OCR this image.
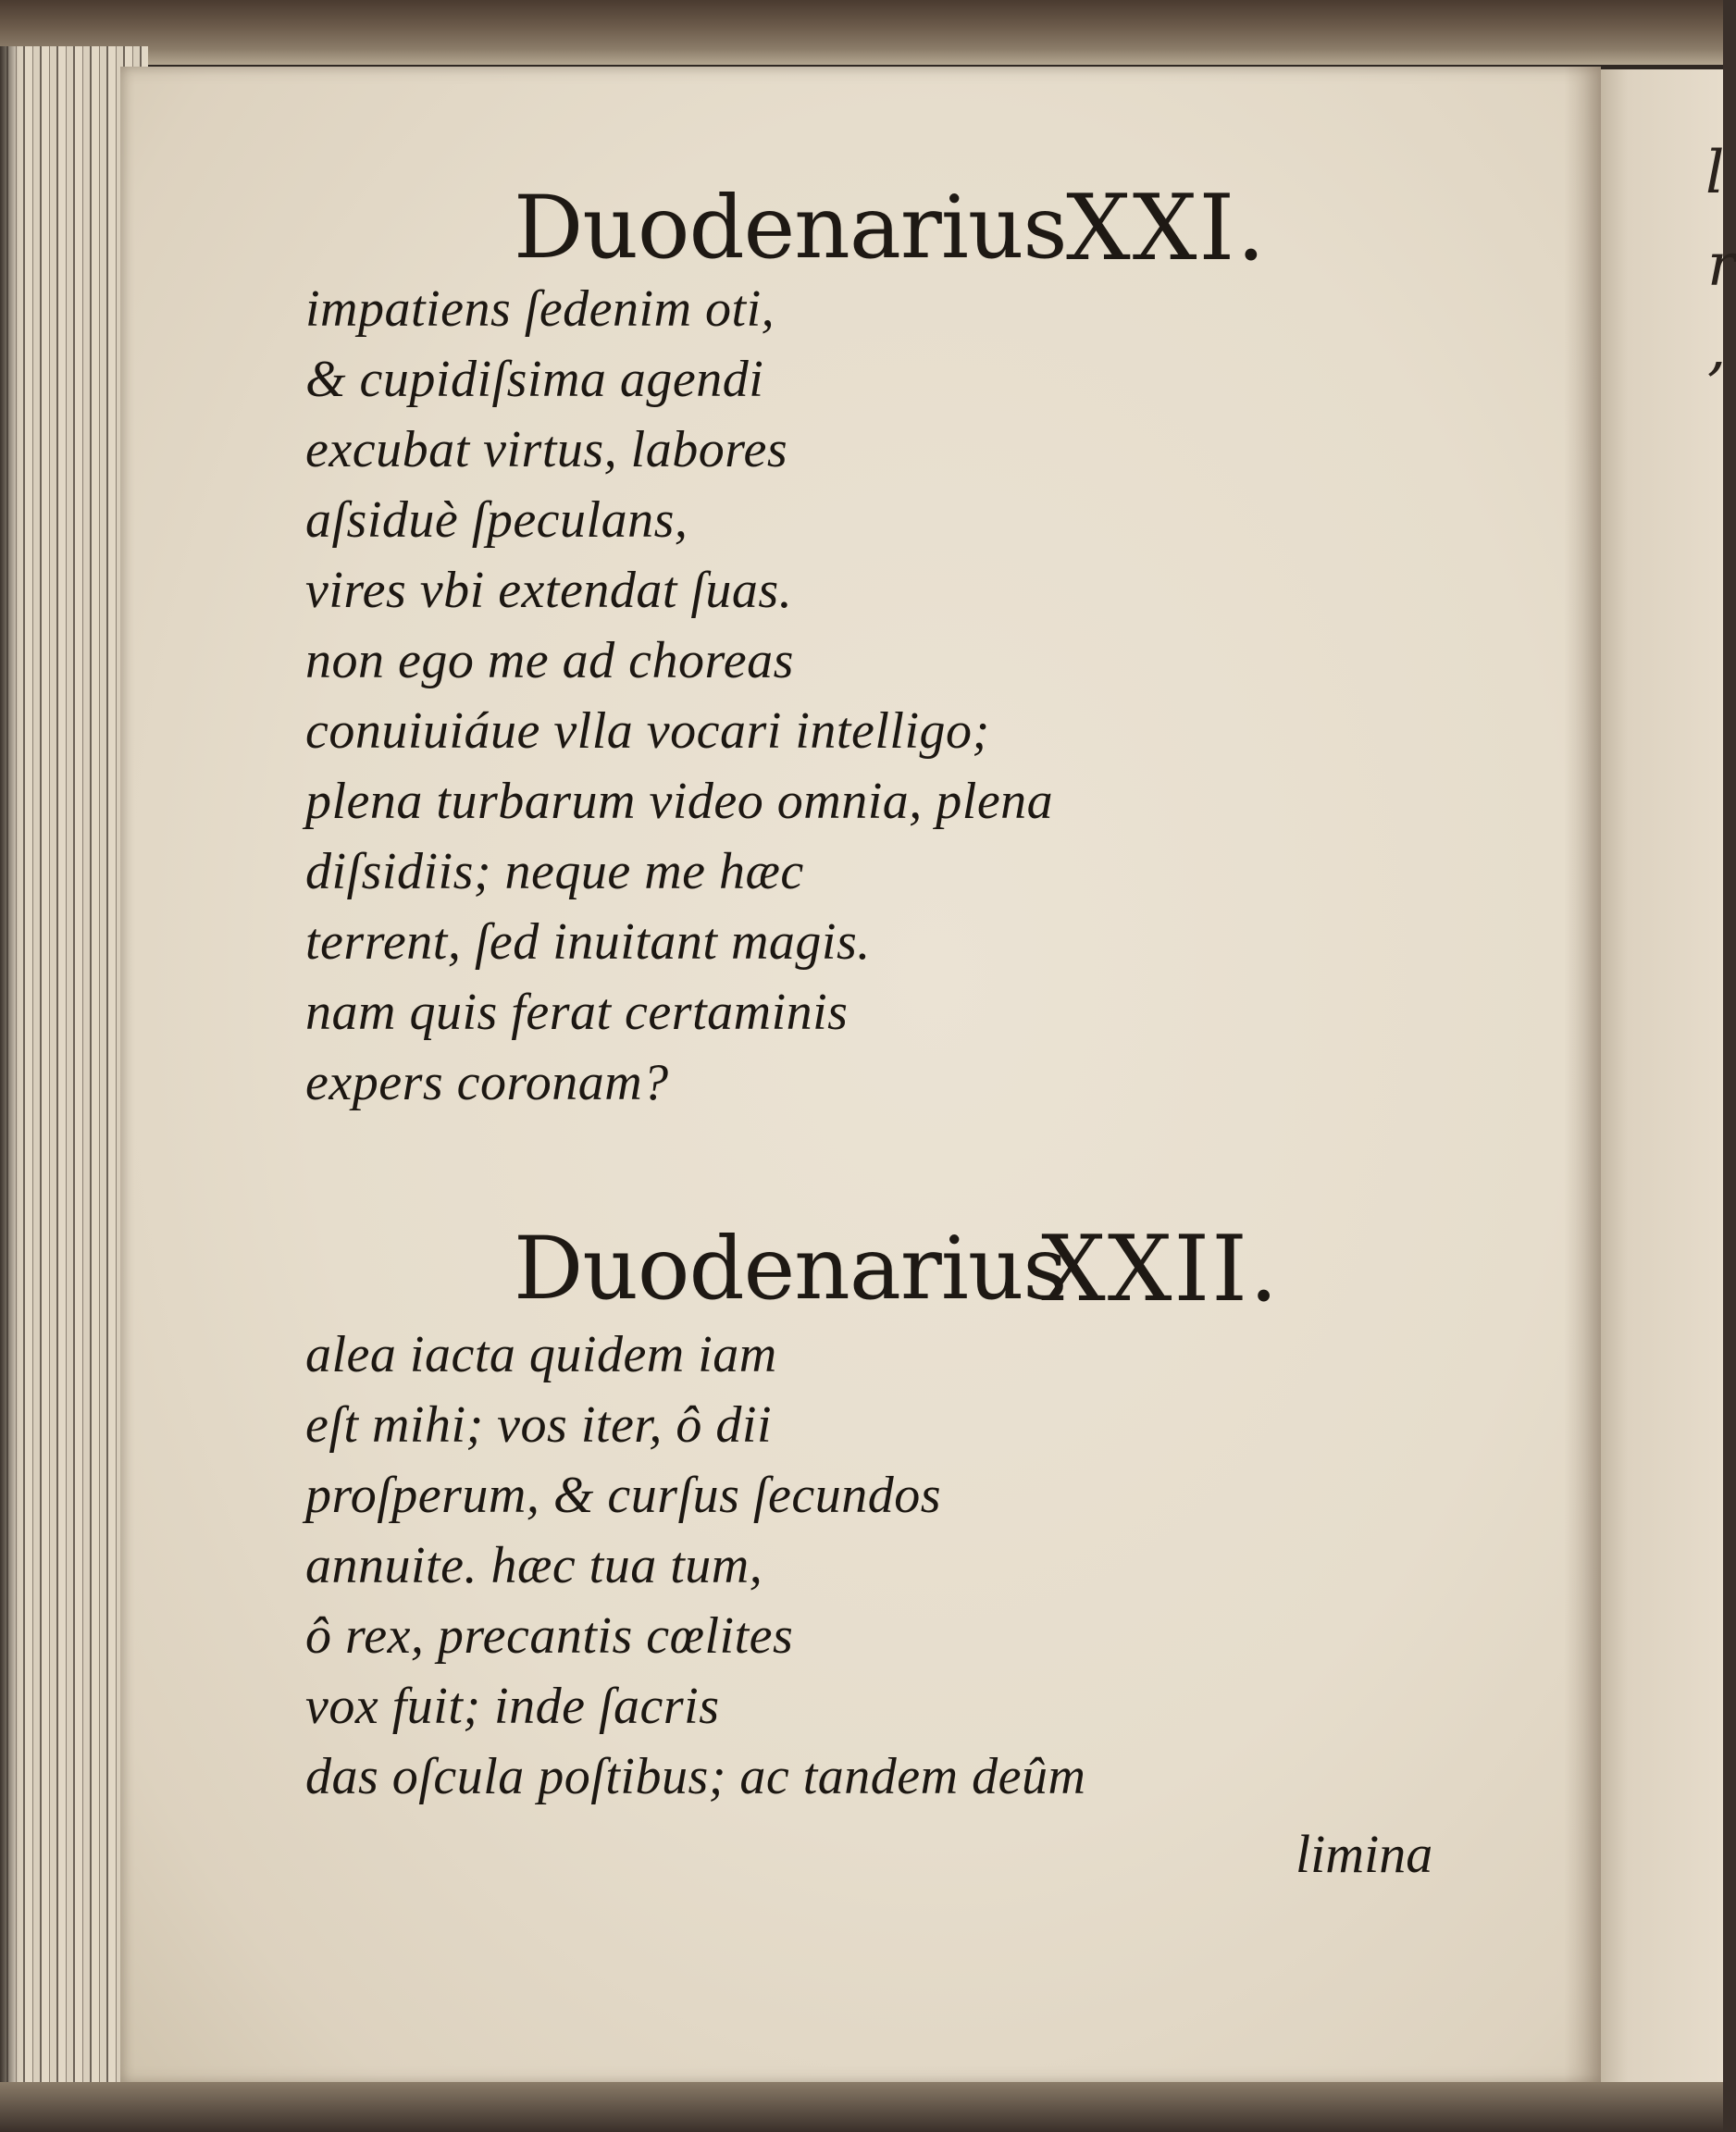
l
r
,
Duodenarius XXI.
impatiens ſedenim oti,
& cupidiſsima agendi
excubat virtus, labores
aſsiduè ſpeculans,
vires vbi extendat ſuas.
non ego me ad choreas
conuiuiáue vlla vocari intelligo;
plena turbarum video omnia, plena
diſsidiis; neque me hæc
terrent, ſed inuitant magis.
nam quis ferat certaminis
expers coronam?
Duodenarius
XXII.
alea iacta quidem iam
eſt mihi; vos iter, ô dii
proſperum, & curſus ſecundos
annuite. hæc tua tum,
ô rex, precantis cœlites
vox fuit; inde ſacris
das oſcula poſtibus; ac tandem deûm
limina
